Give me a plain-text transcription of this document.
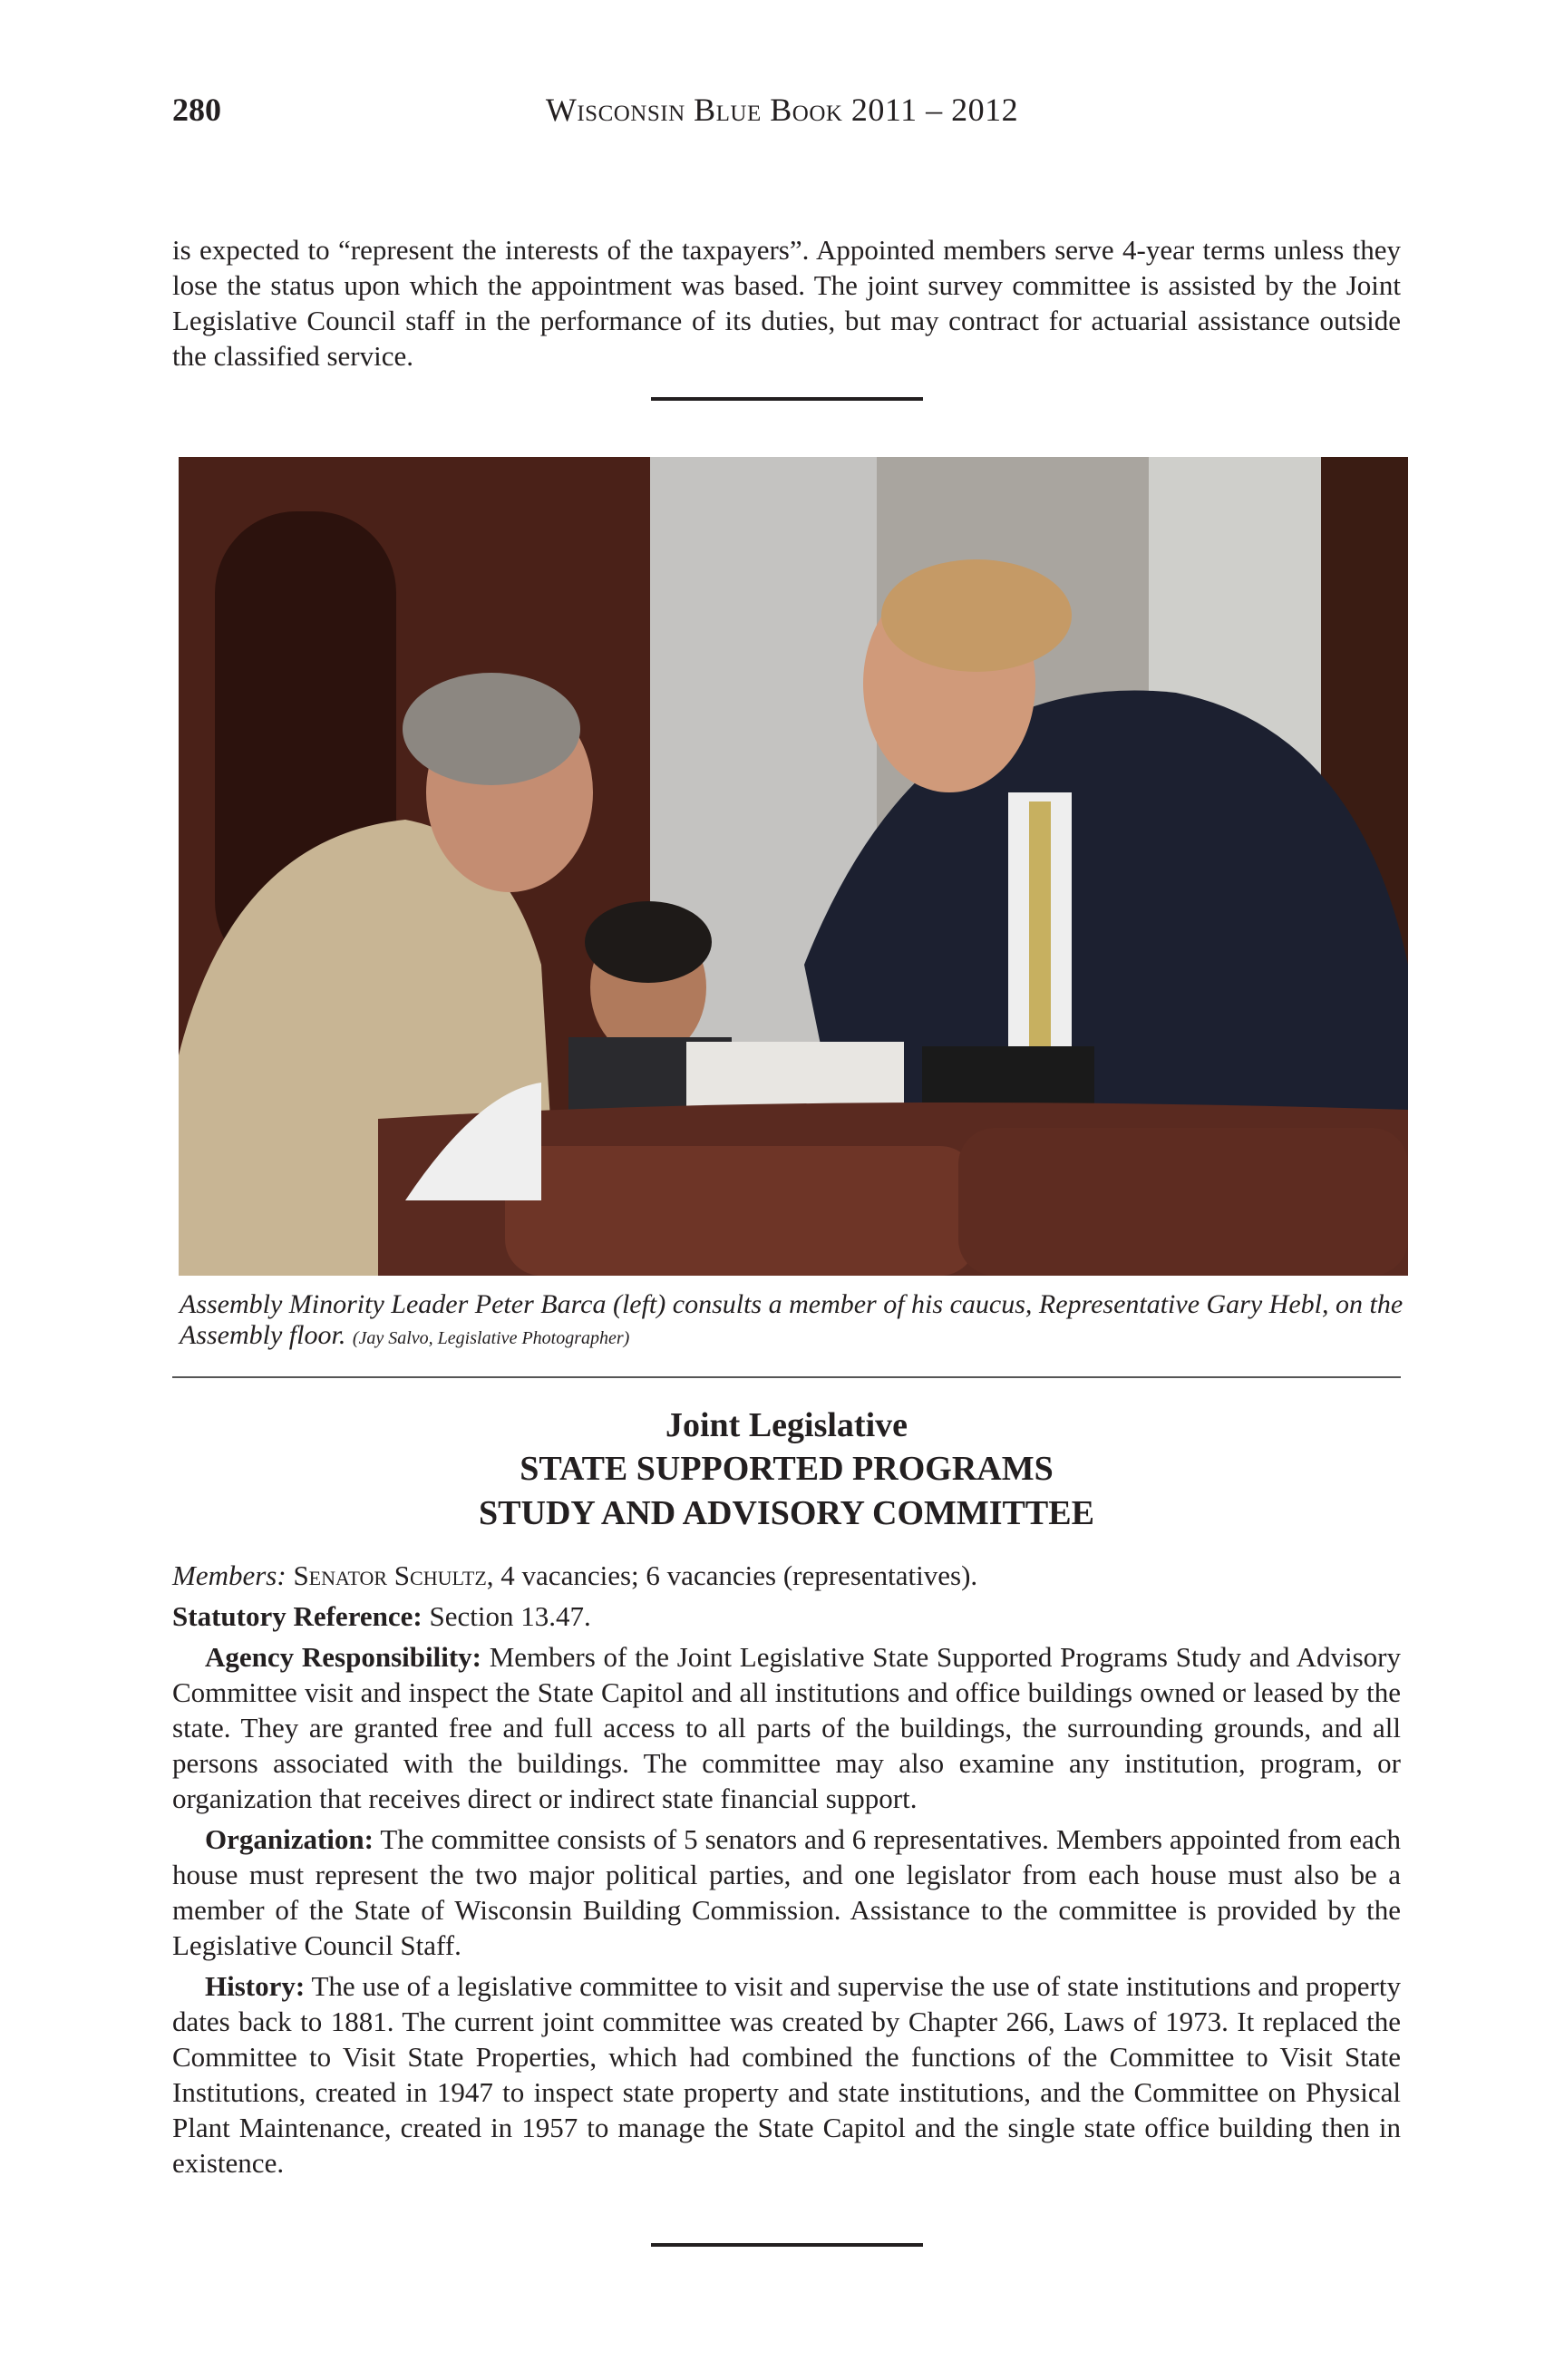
280	Wisconsin Blue Book 2011 – 2012
is expected to “represent the interests of the taxpayers”. Appointed members serve 4-year terms unless they lose the status upon which the appointment was based. The joint survey committee is assisted by the Joint Legislative Council staff in the performance of its duties, but may contract for actuarial assistance outside the classified service.
Assembly Minority Leader Peter Barca (left) consults a member of his caucus, Representative Gary Hebl, on the Assembly floor. (Jay Salvo, Legislative Photographer)
Joint Legislative
STATE SUPPORTED PROGRAMS
STUDY AND ADVISORY COMMITTEE

Members: Senator Schultz, 4 vacancies; 6 vacancies (representatives).

Statutory Reference: Section 13.47.

Agency Responsibility: Members of the Joint Legislative State Supported Programs Study and Advisory Committee visit and inspect the State Capitol and all institutions and office buildings owned or leased by the state. They are granted free and full access to all parts of the buildings, the surrounding grounds, and all persons associated with the buildings. The committee may also examine any institution, program, or organization that receives direct or indirect state financial support.

Organization: The committee consists of 5 senators and 6 representatives. Members appointed from each house must represent the two major political parties, and one legislator from each house must also be a member of the State of Wisconsin Building Commission. Assistance to the committee is provided by the Legislative Council Staff.

History: The use of a legislative committee to visit and supervise the use of state institutions and property dates back to 1881. The current joint committee was created by Chapter 266, Laws of 1973. It replaced the Committee to Visit State Properties, which had combined the functions of the Committee to Visit State Institutions, created in 1947 to inspect state property and state institutions, and the Committee on Physical Plant Maintenance, created in 1957 to manage the State Capitol and the single state office building then in existence.
